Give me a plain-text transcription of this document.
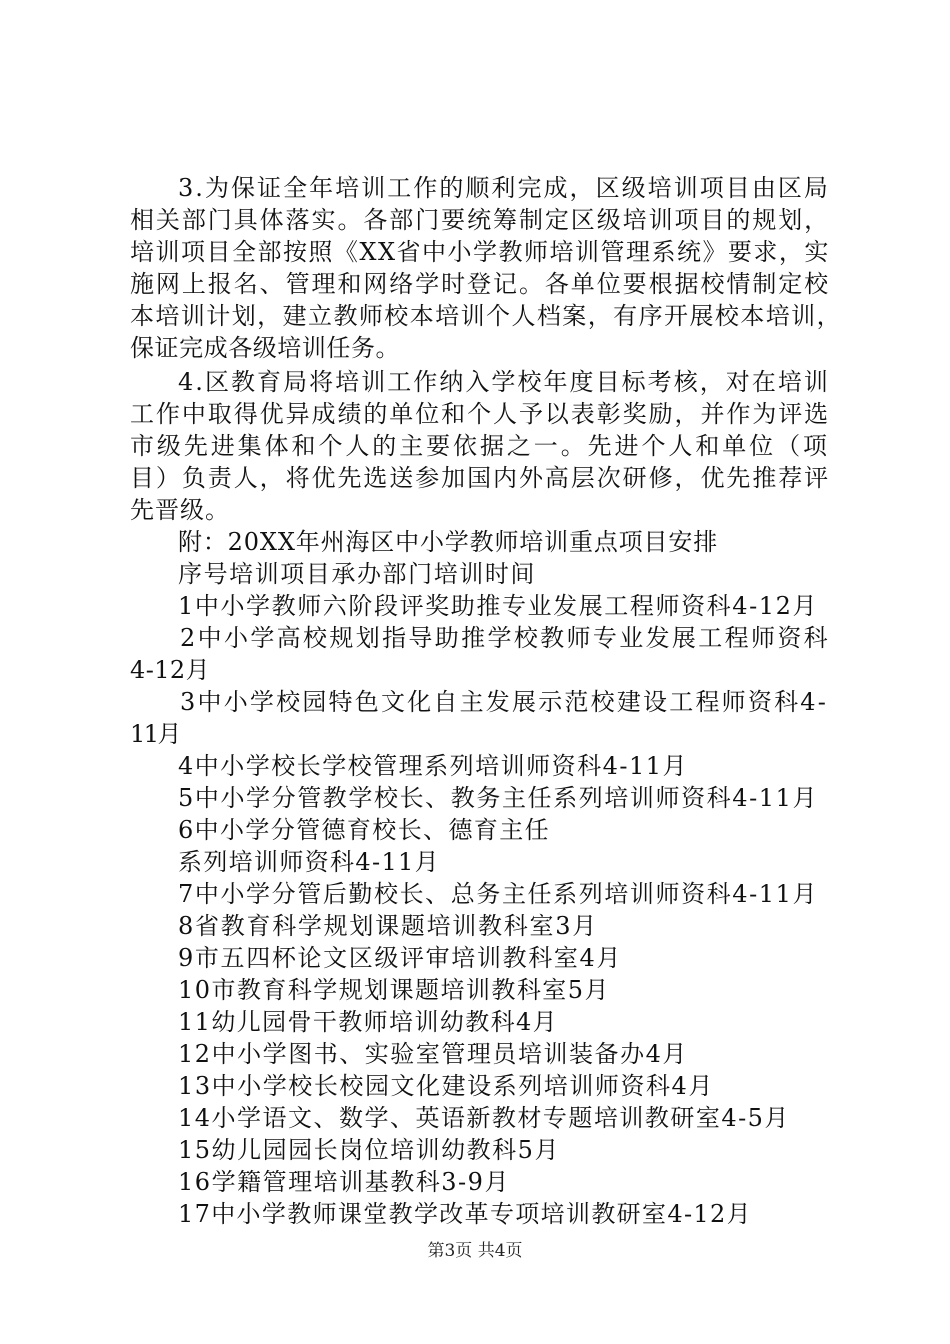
3.为保证全年培训工作的顺利完成，区级培训项目由区局
相关部门具体落实。各部门要统筹制定区级培训项目的规划，
培训项目全部按照《XX省中小学教师培训管理系统》要求，实
施网上报名、管理和网络学时登记。各单位要根据校情制定校
本培训计划，建立教师校本培训个人档案，有序开展校本培训，
保证完成各级培训任务。
4.区教育局将培训工作纳入学校年度目标考核，对在培训
工作中取得优异成绩的单位和个人予以表彰奖励，并作为评选
市级先进集体和个人的主要依据之一。先进个人和单位（项
目）负责人，将优先选送参加国内外高层次研修，优先推荐评
先晋级。
附：20XX年州海区中小学教师培训重点项目安排
序号培训项目承办部门培训时间
1中小学教师六阶段评奖助推专业发展工程师资科4-12月
2中小学高校规划指导助推学校教师专业发展工程师资科
4-12月
3中小学校园特色文化自主发展示范校建设工程师资科4-
11月
4中小学校长学校管理系列培训师资科4-11月
5中小学分管教学校长、教务主任系列培训师资科4-11月
6中小学分管德育校长、德育主任
系列培训师资科4-11月
7中小学分管后勤校长、总务主任系列培训师资科4-11月
8省教育科学规划课题培训教科室3月
9市五四杯论文区级评审培训教科室4月
10市教育科学规划课题培训教科室5月
11幼儿园骨干教师培训幼教科4月
12中小学图书、实验室管理员培训装备办4月
13中小学校长校园文化建设系列培训师资科4月
14小学语文、数学、英语新教材专题培训教研室4-5月
15幼儿园园长岗位培训幼教科5月
16学籍管理培训基教科3-9月
17中小学教师课堂教学改革专项培训教研室4-12月
第3页 共4页
